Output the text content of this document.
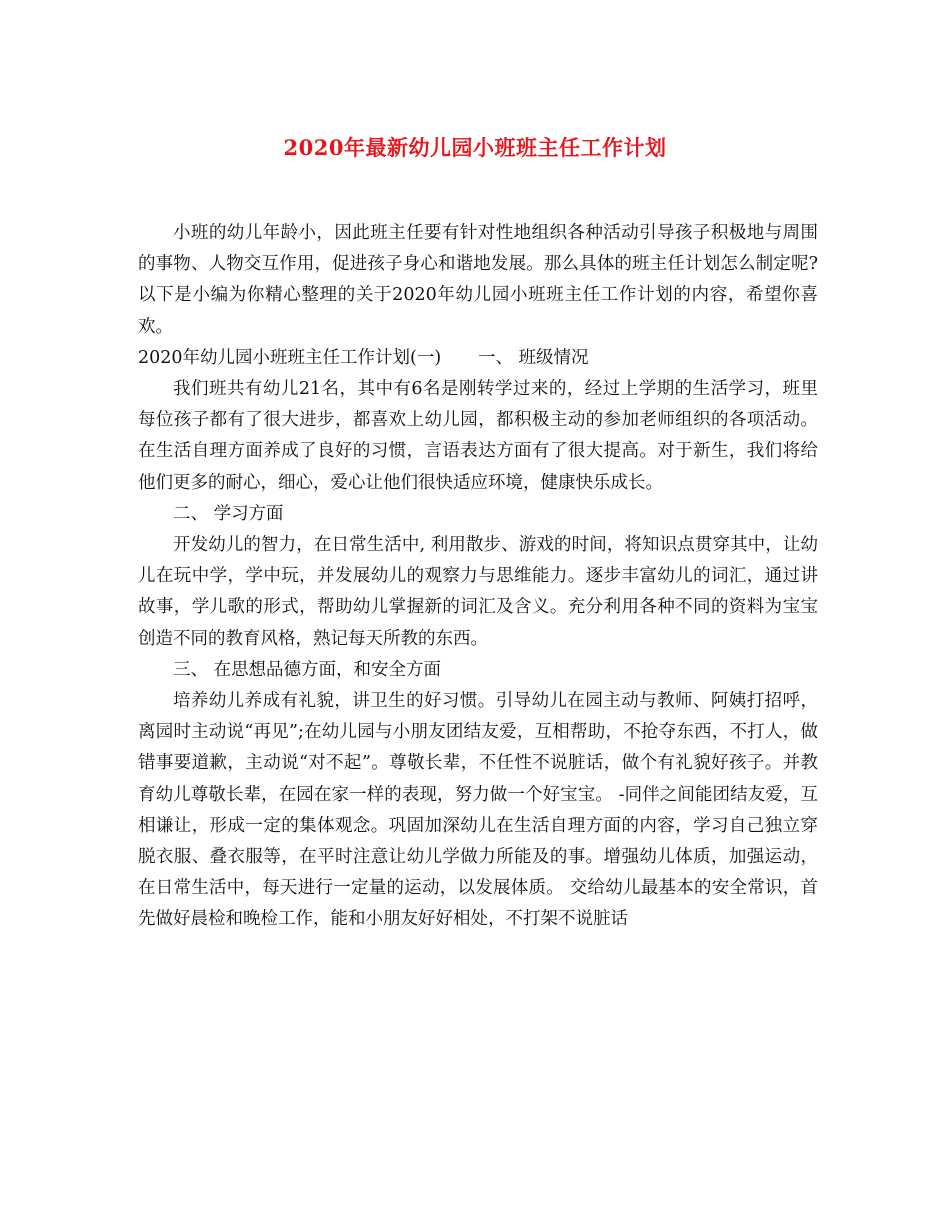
2020年最新幼儿园小班班主任工作计划

小班的幼儿年龄小，因此班主任要有针对性地组织各种活动引导孩子积极地与周围的事物、人物交互作用，促进孩子身心和谐地发展。那么具体的班主任计划怎么制定呢?以下是小编为你精心整理的关于2020年幼儿园小班班主任工作计划的内容，希望你喜欢。

2020年幼儿园小班班主任工作计划(一) 一、 班级情况

我们班共有幼儿21名，其中有6名是刚转学过来的，经过上学期的生活学习，班里每位孩子都有了很大进步，都喜欢上幼儿园，都积极主动的参加老师组织的各项活动。在生活自理方面养成了良好的习惯，言语表达方面有了很大提高。对于新生，我们将给他们更多的耐心，细心，爱心让他们很快适应环境，健康快乐成长。

二、 学习方面

开发幼儿的智力，在日常生活中, 利用散步、游戏的时间，将知识点贯穿其中，让幼儿在玩中学，学中玩，并发展幼儿的观察力与思维能力。逐步丰富幼儿的词汇，通过讲故事，学儿歌的形式，帮助幼儿掌握新的词汇及含义。充分利用各种不同的资料为宝宝创造不同的教育风格，熟记每天所教的东西。

三、 在思想品德方面，和安全方面

培养幼儿养成有礼貌，讲卫生的好习惯。引导幼儿在园主动与教师、阿姨打招呼，离园时主动说“再见”;在幼儿园与小朋友团结友爱，互相帮助，不抢夺东西，不打人，做错事要道歉，主动说“对不起”。尊敬长辈，不任性不说脏话，做个有礼貌好孩子。并教育幼儿尊敬长辈，在园在家一样的表现，努力做一个好宝宝。 -同伴之间能团结友爱，互相谦让，形成一定的集体观念。巩固加深幼儿在生活自理方面的内容，学习自己独立穿脱衣服、叠衣服等，在平时注意让幼儿学做力所能及的事。增强幼儿体质，加强运动，在日常生活中，每天进行一定量的运动，以发展体质。 交给幼儿最基本的安全常识，首先做好晨检和晚检工作，能和小朋友好好相处，不打架不说脏话
